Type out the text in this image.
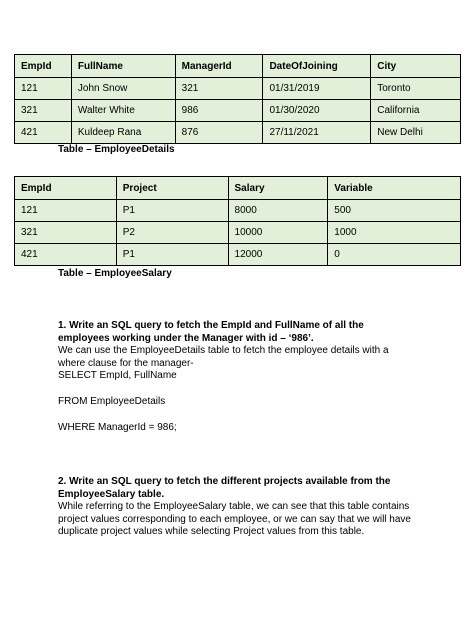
EmpId	FullName	ManagerId	DateOfJoining	City
121	John Snow	321	01/31/2019	Toronto
321	Walter White	986	01/30/2020	California
421	Kuldeep Rana	876	27/11/2021	New Delhi
Table – EmployeeDetails
EmpId	Project	Salary	Variable
121	P1	8000	500
321	P2	10000	1000
421	P1	12000	0
Table – EmployeeSalary

1. Write an SQL query to fetch the EmpId and FullName of all the employees working under the Manager with id – ‘986’.

We can use the EmployeeDetails table to fetch the employee details with a where clause for the manager-

SELECT EmpId, FullName

FROM EmployeeDetails

WHERE ManagerId = 986;

2. Write an SQL query to fetch the different projects available from the EmployeeSalary table.

While referring to the EmployeeSalary table, we can see that this table contains project values corresponding to each employee, or we can say that we will have duplicate project values while selecting Project values from this table.
